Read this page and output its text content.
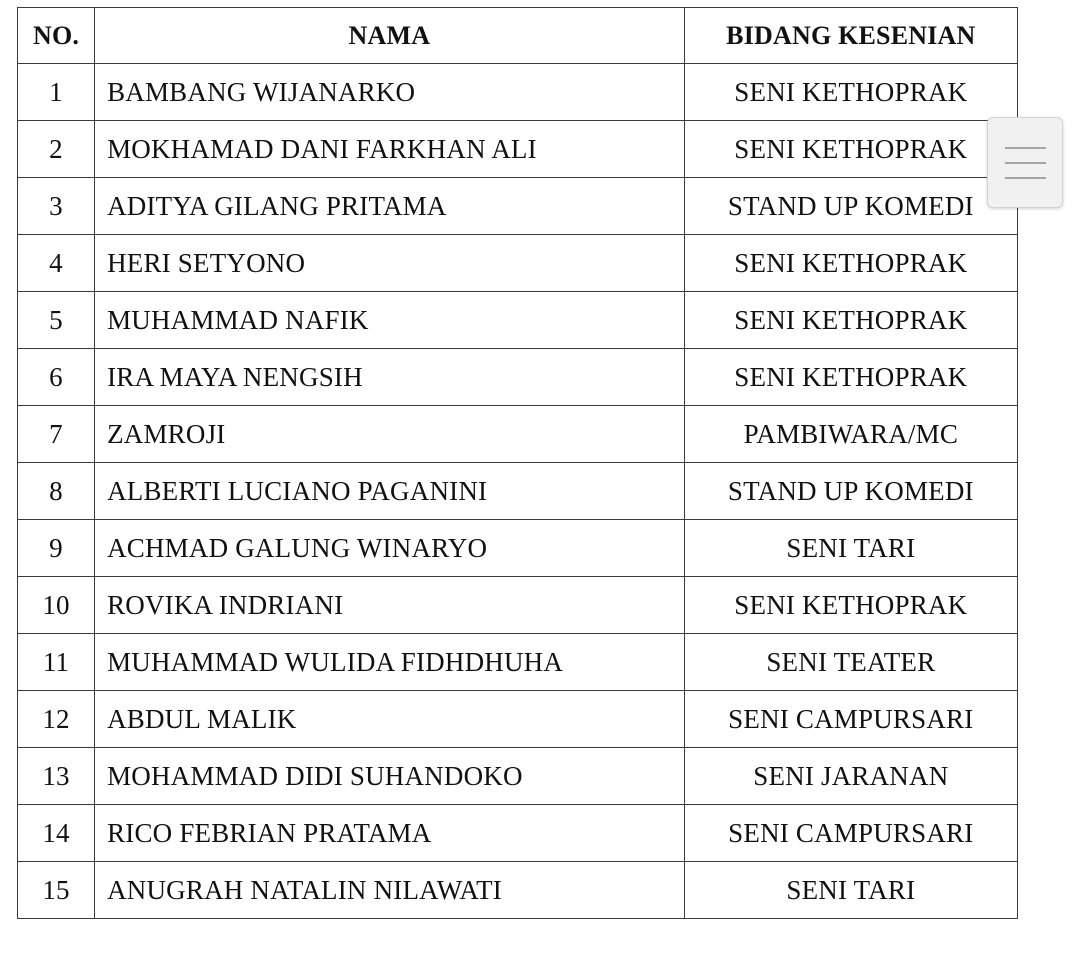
NO.	NAMA	BIDANG KESENIAN
1	BAMBANG WIJANARKO	SENI KETHOPRAK
2	MOKHAMAD DANI FARKHAN ALI	SENI KETHOPRAK
3	ADITYA GILANG PRITAMA	STAND UP KOMEDI
4	HERI SETYONO	SENI KETHOPRAK
5	MUHAMMAD NAFIK	SENI KETHOPRAK
6	IRA MAYA NENGSIH	SENI KETHOPRAK
7	ZAMROJI	PAMBIWARA/MC
8	ALBERTI LUCIANO PAGANINI	STAND UP KOMEDI
9	ACHMAD GALUNG WINARYO	SENI TARI
10	ROVIKA INDRIANI	SENI KETHOPRAK
11	MUHAMMAD WULIDA FIDHDHUHA	SENI TEATER
12	ABDUL MALIK	SENI CAMPURSARI
13	MOHAMMAD DIDI SUHANDOKO	SENI JARANAN
14	RICO FEBRIAN PRATAMA	SENI CAMPURSARI
15	ANUGRAH NATALIN NILAWATI	SENI TARI
